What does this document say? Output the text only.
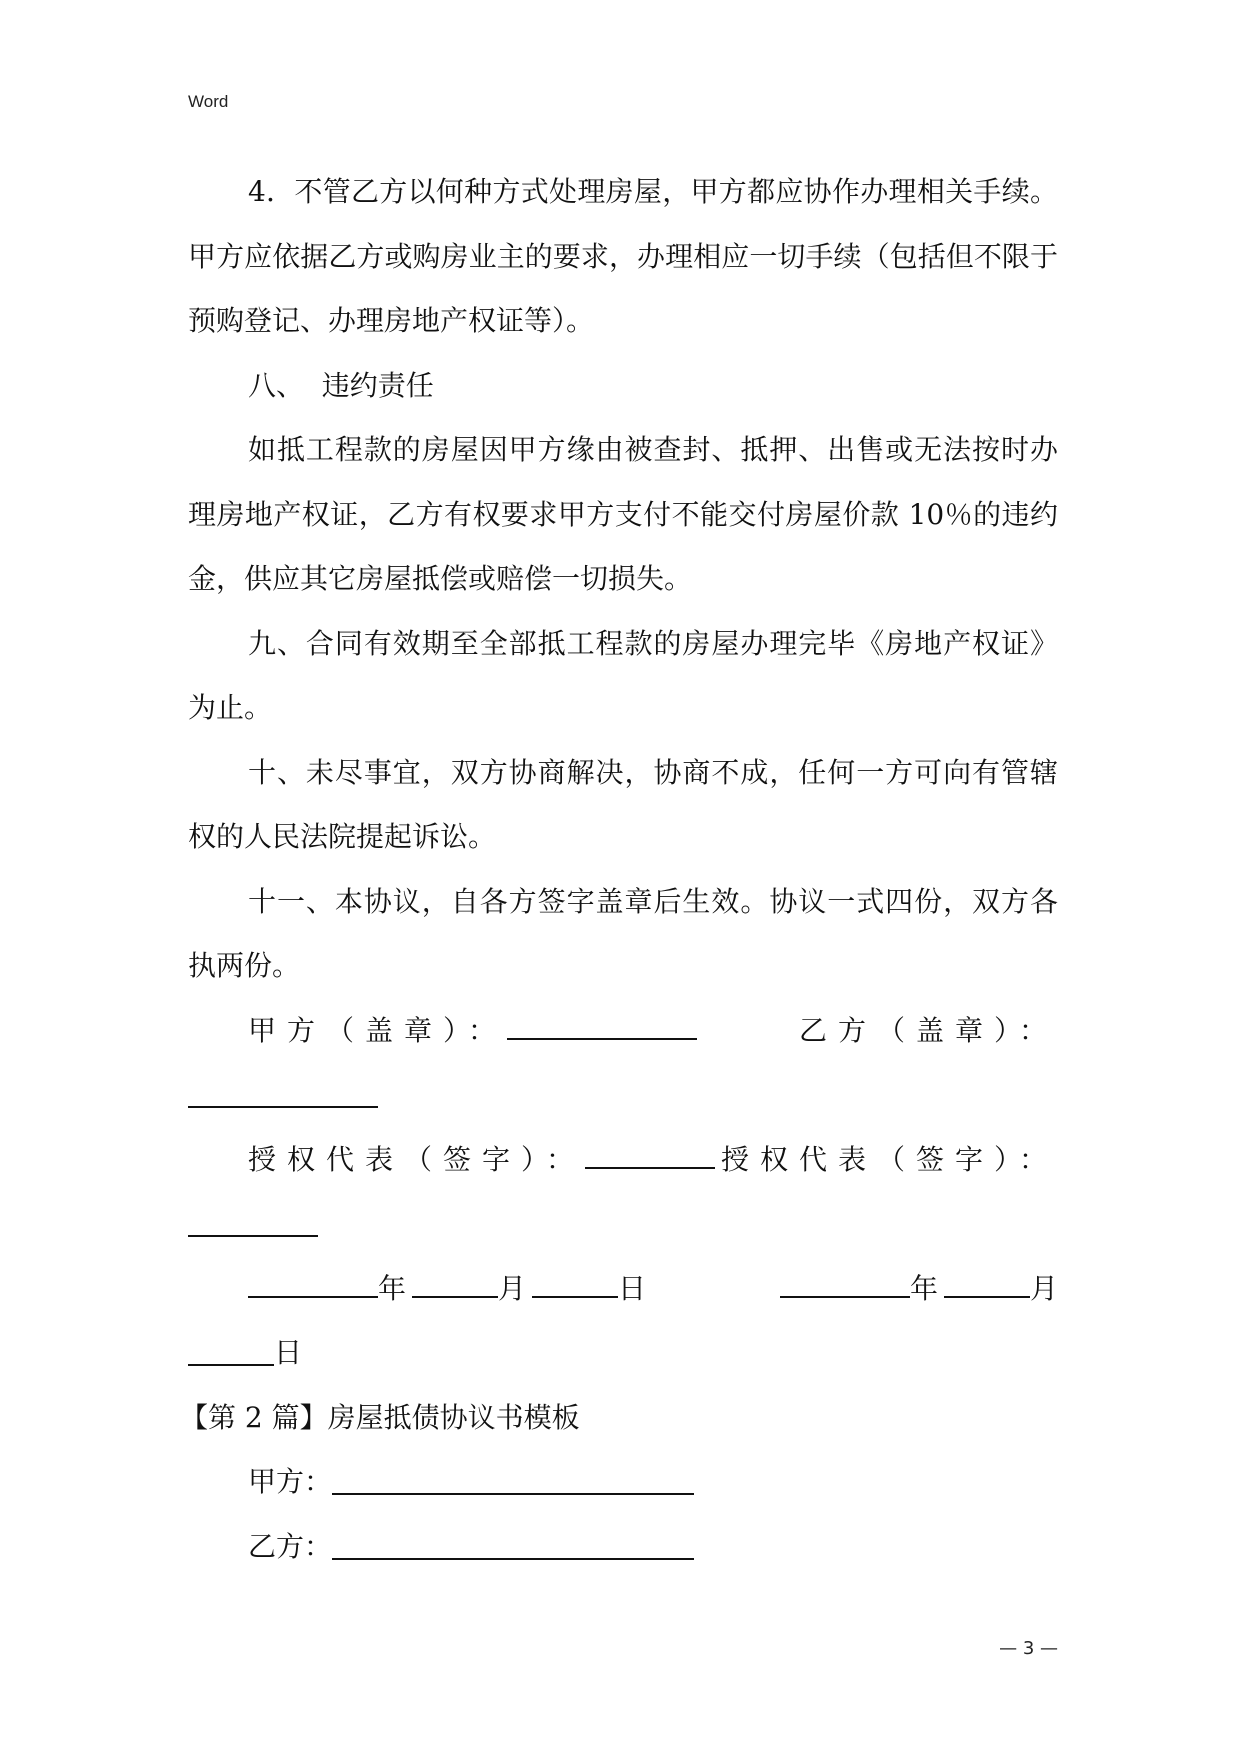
Word

4．不管乙方以何种方式处理房屋，甲方都应协作办理相关手续。甲方应依据乙方或购房业主的要求，办理相应一切手续（包括但不限于预购登记、办理房地产权证等）。

八、  违约责任

如抵工程款的房屋因甲方缘由被查封、抵押、出售或无法按时办理房地产权证，乙方有权要求甲方支付不能交付房屋价款 10％的违约金，供应其它房屋抵偿或赔偿一切损失。

九、合同有效期至全部抵工程款的房屋办理完毕《房地产权证》为止。

十、未尽事宜，双方协商解决，协商不成，任何一方可向有管辖权的人民法院提起诉讼。

十一、本协议，自各方签字盖章后生效。协议一式四份，双方各执两份。

甲方（盖章）：	乙方（盖章）：

授权代表（签字）：	授权代表（签字）：

年	月	日	年	月

日

【第 2 篇】房屋抵债协议书模板

甲方：

乙方：

— 3 —
